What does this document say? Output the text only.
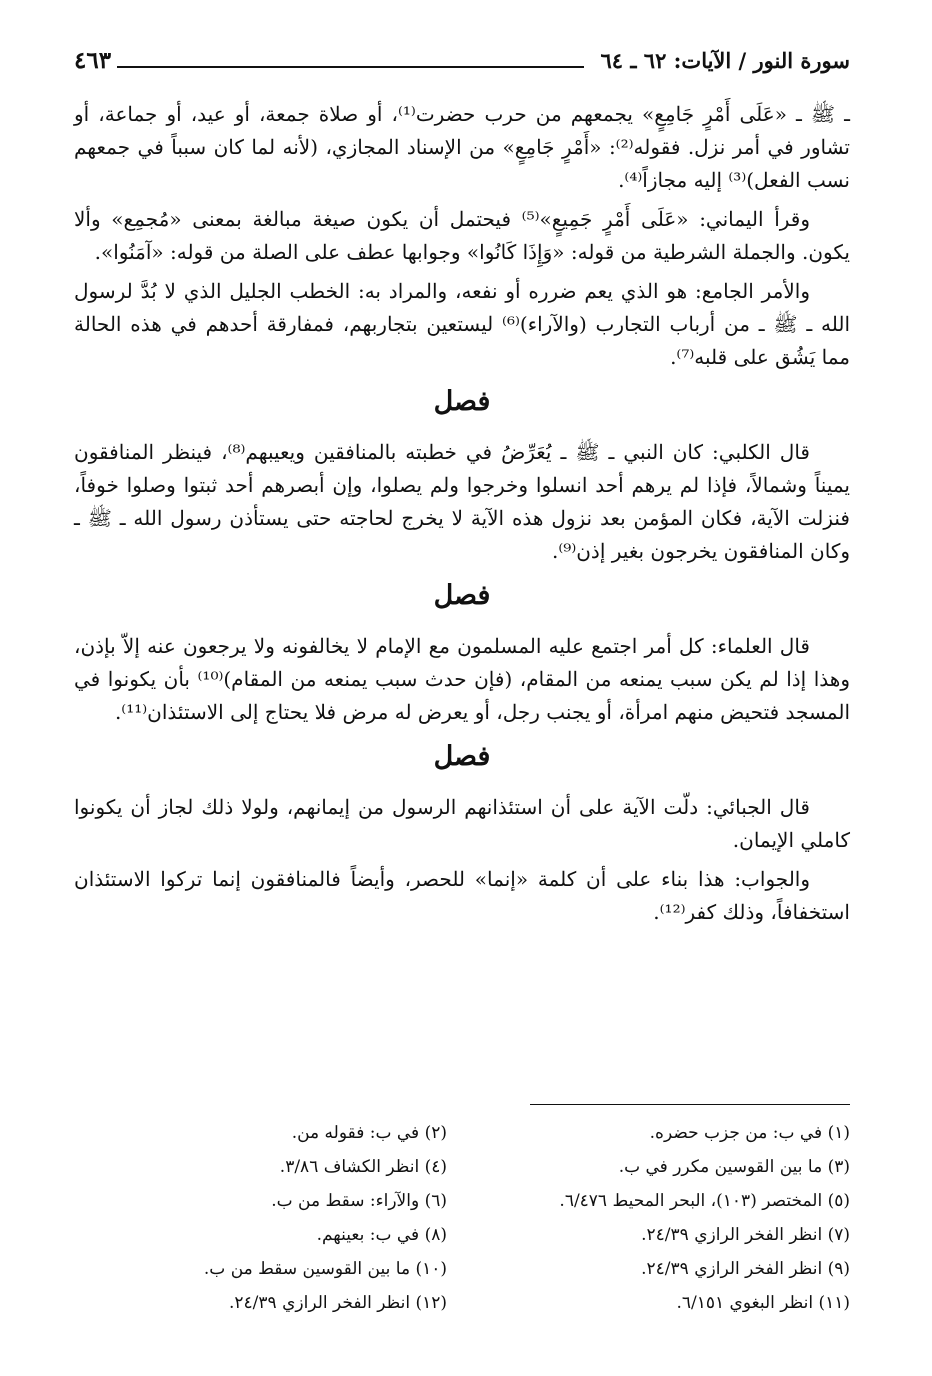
سورة النور / الآيات: ٦٢ ـ ٦٤
٤٦٣

ـ ﷺ ـ «عَلَى أَمْرٍ جَامِعٍ» يجمعهم من حرب حضرت⁽¹⁾، أو صلاة جمعة، أو عيد، أو جماعة، أو تشاور في أمر نزل. فقوله⁽²⁾: «أَمْرٍ جَامِعٍ» من الإسناد المجازي، (لأنه لما كان سبباً في جمعهم نسب الفعل)⁽³⁾ إليه مجازاً⁽⁴⁾.

وقرأ اليماني: «عَلَى أَمْرٍ جَمِيعٍ»⁽⁵⁾ فيحتمل أن يكون صيغة مبالغة بمعنى «مُجمِع» وألا يكون. والجملة الشرطية من قوله: «وَإِذَا كَانُوا» وجوابها عطف على الصلة من قوله: «آمَنُوا».

والأمر الجامع: هو الذي يعم ضرره أو نفعه، والمراد به: الخطب الجليل الذي لا بُدَّ لرسول الله ـ ﷺ ـ من أرباب التجارب (والآراء)⁽⁶⁾ ليستعين بتجاربهم، فمفارقة أحدهم في هذه الحالة مما يَشُق على قلبه⁽⁷⁾.

فصل

قال الكلبي: كان النبي ـ ﷺ ـ يُعَرِّضُ في خطبته بالمنافقين ويعيبهم⁽⁸⁾، فينظر المنافقون يميناً وشمالاً، فإذا لم يرهم أحد انسلوا وخرجوا ولم يصلوا، وإن أبصرهم أحد ثبتوا وصلوا خوفاً، فنزلت الآية، فكان المؤمن بعد نزول هذه الآية لا يخرج لحاجته حتى يستأذن رسول الله ـ ﷺ ـ وكان المنافقون يخرجون بغير إذن⁽⁹⁾.

فصل

قال العلماء: كل أمر اجتمع عليه المسلمون مع الإمام لا يخالفونه ولا يرجعون عنه إلاّ بإذن، وهذا إذا لم يكن سبب يمنعه من المقام، (فإن حدث سبب يمنعه من المقام)⁽¹⁰⁾ بأن يكونوا في المسجد فتحيض منهم امرأة، أو يجنب رجل، أو يعرض له مرض فلا يحتاج إلى الاستئذان⁽¹¹⁾.

فصل

قال الجبائي: دلّت الآية على أن استئذانهم الرسول من إيمانهم، ولولا ذلك لجاز أن يكونوا كاملي الإيمان.

والجواب: هذا بناء على أن كلمة «إنما» للحصر، وأيضاً فالمنافقون إنما تركوا الاستئذان استخفافاً، وذلك كفر⁽¹²⁾.

(١) في ب: من جزب حضره.
(٢) في ب: فقوله من.
(٣) ما بين القوسين مكرر في ب.
(٤) انظر الكشاف ٣/٨٦.
(٥) المختصر (١٠٣)، البحر المحيط ٦/٤٧٦.
(٦) والآراء: سقط من ب.
(٧) انظر الفخر الرازي ٢٤/٣٩.
(٨) في ب: بعينهم.
(٩) انظر الفخر الرازي ٢٤/٣٩.
(١٠) ما بين القوسين سقط من ب.
(١١) انظر البغوي ٦/١٥١.
(١٢) انظر الفخر الرازي ٢٤/٣٩.
